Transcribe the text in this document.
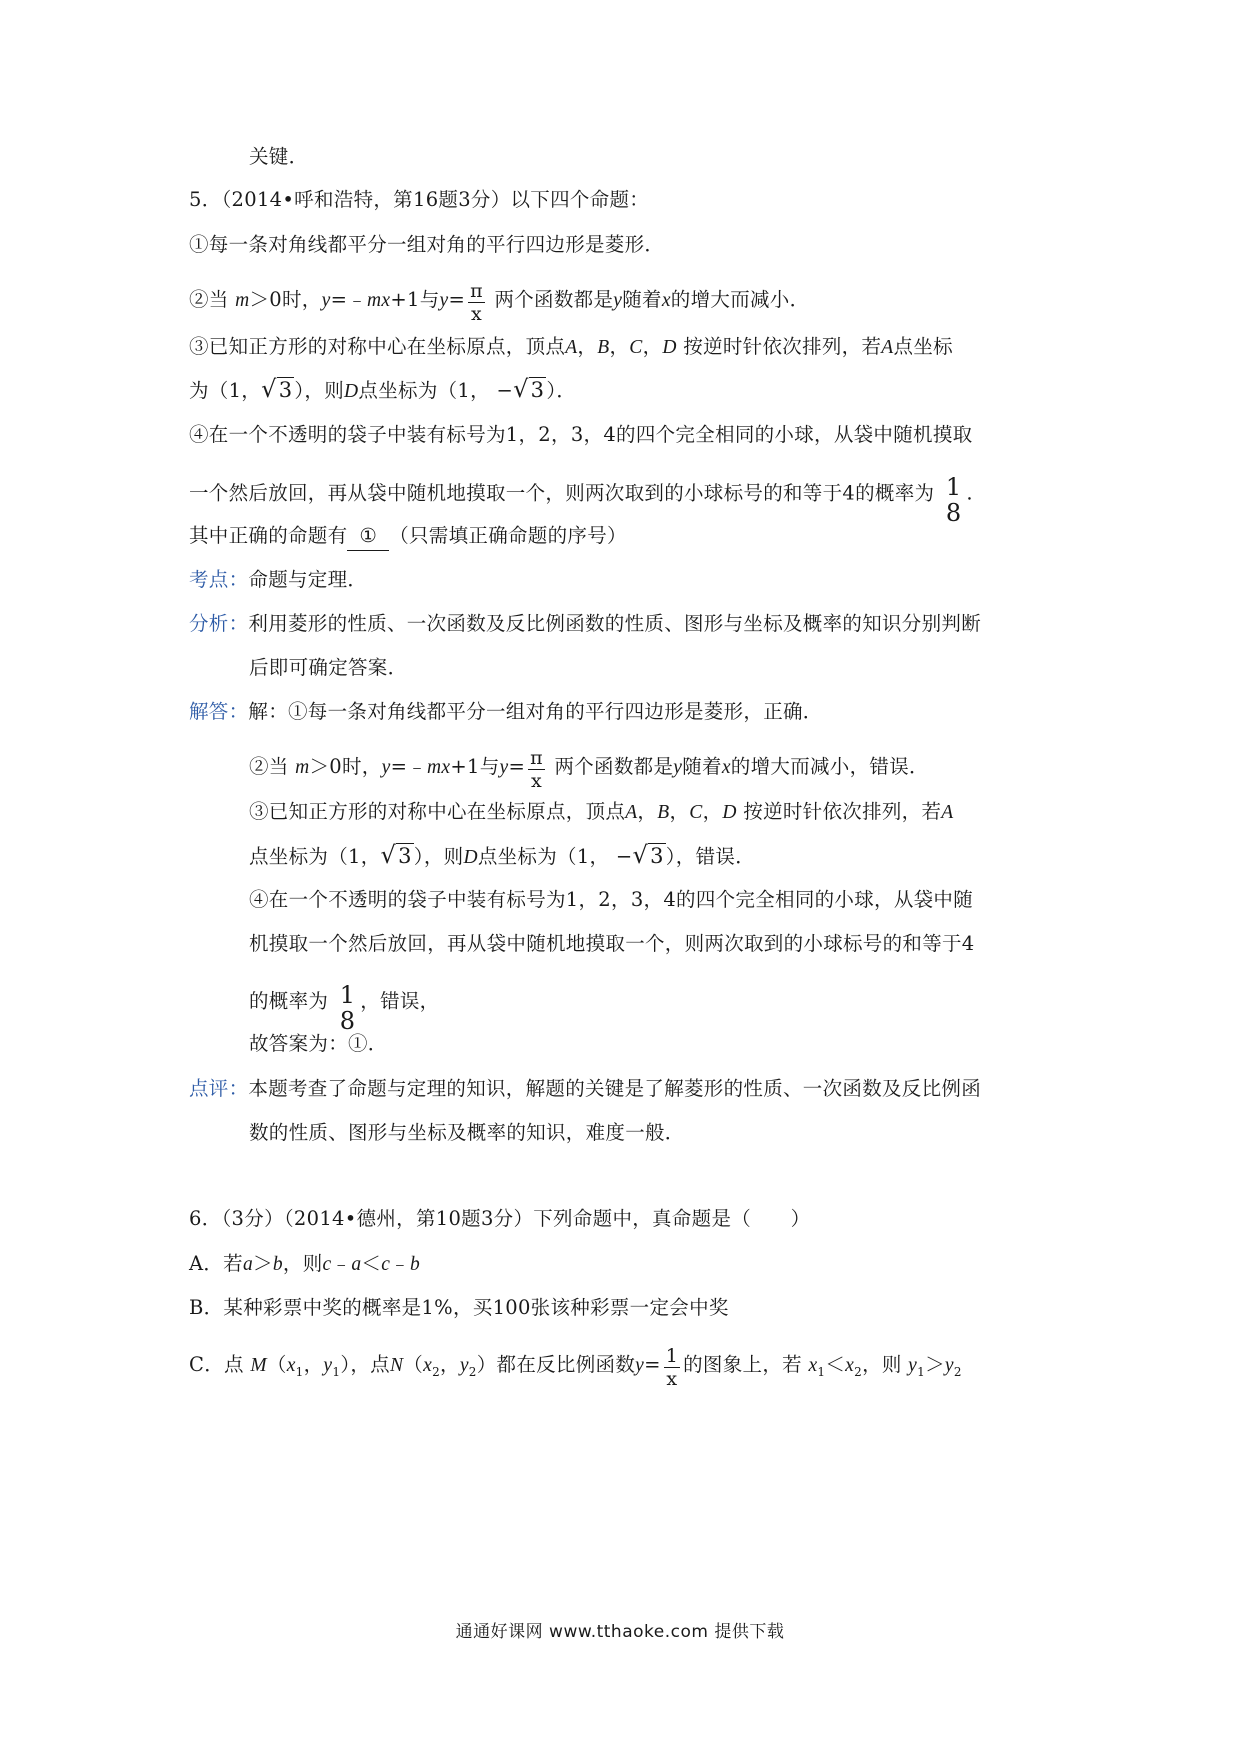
关键．
5．（2014•呼和浩特，第16题3分）以下四个命题：
①每一条对角线都平分一组对角的平行四边形是菱形．
②当 m＞0时，y=﹣mx+1与$y= \frac{\pi}{x}$ 两个函数都是y随着x的增大而减小．
③已知正方形的对称中心在坐标原点，顶点A，B，C，D 按逆时针依次排列，若A点坐标
为（1，√3 ），则D点坐标为（1， −√3 ）．
④在一个不透明的袋子中装有标号为1，2，3，4的四个完全相同的小球，从袋中随机摸取
一个然后放回，再从袋中随机地摸取一个，则两次取到的小球标号的和等于4的概率为 1
8
.
其中正确的命题有 ① （只需填正确命题的序号）
考点：命题与定理．
分析：利用菱形的性质、一次函数及反比例函数的性质、图形与坐标及概率的知识分别判断
后即可确定答案．
解答：解：①每一条对角线都平分一组对角的平行四边形是菱形，正确．
②当 m＞0时，y=﹣mx+1与$y= \frac{\pi}{x}$ 两个函数都是y随着x的增大而减小，错误．
③已知正方形的对称中心在坐标原点，顶点A，B，C，D 按逆时针依次排列，若A
点坐标为（1，√3 ），则D点坐标为（1， −√3 ），错误．
④在一个不透明的袋子中装有标号为1，2，3，4的四个完全相同的小球，从袋中随
机摸取一个然后放回，再从袋中随机地摸取一个，则两次取到的小球标号的和等于4
的概率为 1
8
，错误，
故答案为：①．
点评：本题考查了命题与定理的知识，解题的关键是了解菱形的性质、一次函数及反比例函
数的性质、图形与坐标及概率的知识，难度一般．
6．（3分）（2014•德州，第10题3分）下列命题中，真命题是（　　）
A．若a＞b，则c﹣a＜c﹣b
B．某种彩票中奖的概率是1%，买100张该种彩票一定会中奖
C．点 $M(x_1$，$y_1$），点$N(x_2$，$y_2$）都在反比例函数$y= \frac{1}{x}$ 的图象上，若 $x_1<x_2$，则 $y_1>y_2$
通通好课网 www.tthaoke.com 提供下载
